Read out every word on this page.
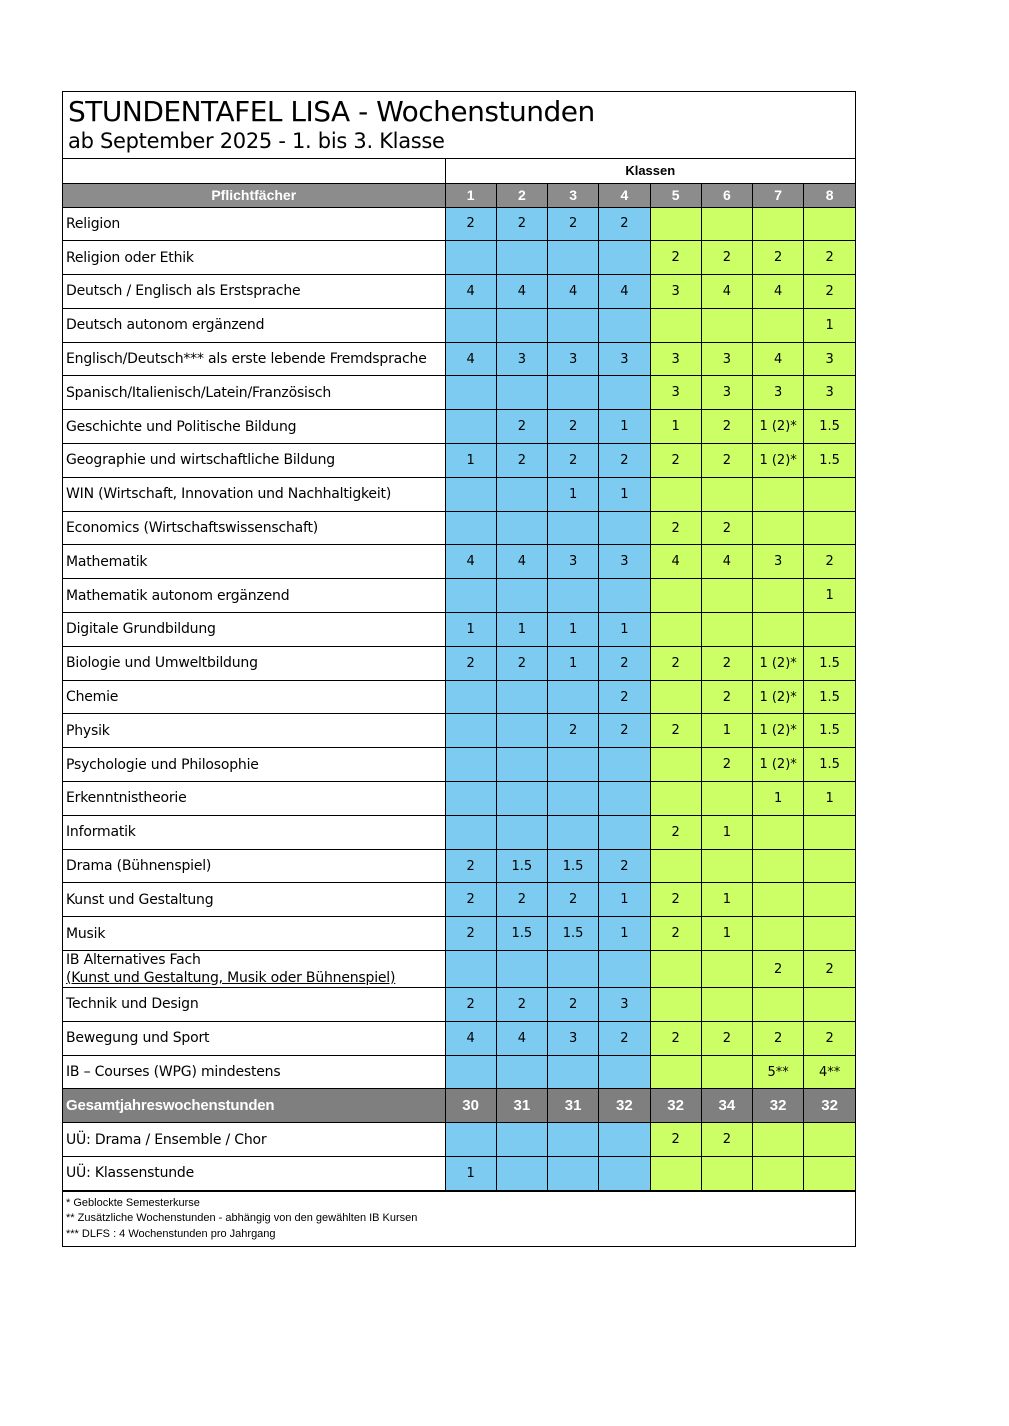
STUNDENTAFEL LISA - Wochenstunden
ab September 2025 - 1. bis 3. Klasse
	Klassen							
Pflichtfächer	1	2	3	4	5	6	7	8
Religion	2	2	2	2				
Religion oder Ethik					2	2	2	2
Deutsch / Englisch als Erstsprache	4	4	4	4	3	4	4	2
Deutsch autonom ergänzend								1
Englisch/Deutsch*** als erste lebende Fremdsprache	4	3	3	3	3	3	4	3
Spanisch/Italienisch/Latein/Französisch					3	3	3	3
Geschichte und Politische Bildung		2	2	1	1	2	1 (2)*	1.5
Geographie und wirtschaftliche Bildung	1	2	2	2	2	2	1 (2)*	1.5
WIN (Wirtschaft, Innovation und Nachhaltigkeit)			1	1				
Economics (Wirtschaftswissenschaft)					2	2		
Mathematik	4	4	3	3	4	4	3	2
Mathematik autonom ergänzend								1
Digitale Grundbildung	1	1	1	1				
Biologie und Umweltbildung	2	2	1	2	2	2	1 (2)*	1.5
Chemie				2		2	1 (2)*	1.5
Physik			2	2	2	1	1 (2)*	1.5
Psychologie und Philosophie						2	1 (2)*	1.5
Erkenntnistheorie							1	1
Informatik					2	1		
Drama (Bühnenspiel)	2	1.5	1.5	2				
Kunst und Gestaltung	2	2	2	1	2	1		
Musik	2	1.5	1.5	1	2	1		

IB Alternatives Fach
(Kunst und Gestaltung, Musik oder Bühnenspiel)							2	2
Technik und Design	2	2	2	3				
Bewegung und Sport	4	4	3	2	2	2	2	2
IB – Courses (WPG) mindestens							5**	4**
Gesamtjahreswochenstunden	30	31	31	32	32	34	32	32
UÜ: Drama / Ensemble / Chor					2	2		
UÜ: Klassenstunde	1							
* Geblockte Semesterkurse
** Zusätzliche Wochenstunden - abhängig von den gewählten IB Kursen
*** DLFS : 4 Wochenstunden pro Jahrgang
